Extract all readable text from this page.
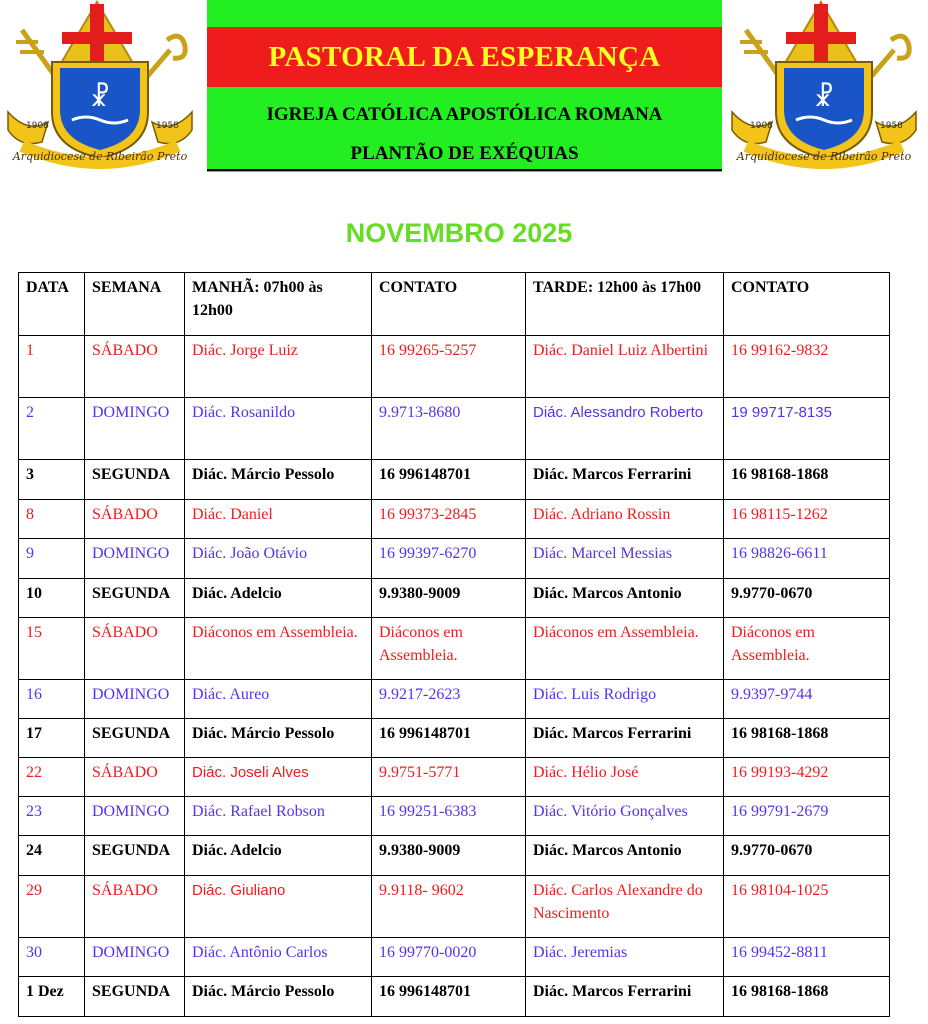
☧
1908	1958
Arquidiocese de Ribeirão Preto
PASTORAL DA ESPERANÇA
IGREJA CATÓLICA APOSTÓLICA ROMANA
PLANTÃO DE EXÉQUIAS
☧
1908	1958
Arquidiocese de Ribeirão Preto
NOVEMBRO 2025
DATA	SEMANA	MANHÃ: 07h00 às 12h00	CONTATO	TARDE: 12h00 às 17h00	CONTATO
1	SÁBADO	Diác. Jorge Luiz	16 99265-5257	Diác. Daniel Luiz Albertini	16 99162-9832
2	DOMINGO	Diác. Rosanildo	9.9713-8680	Diác. Alessandro Roberto	19 99717-8135
3	SEGUNDA	Diác. Márcio Pessolo	16 996148701	Diác. Marcos Ferrarini	16 98168-1868
8	SÁBADO	Diác. Daniel	16 99373-2845	Diác. Adriano Rossin	16 98115-1262
9	DOMINGO	Diác. João Otávio	16 99397-6270	Diác. Marcel Messias	16 98826-6611
10	SEGUNDA	Diác. Adelcio	9.9380-9009	Diác. Marcos Antonio	9.9770-0670
15	SÁBADO	Diáconos em Assembleia.	Diáconos em Assembleia.	Diáconos em Assembleia.	Diáconos em Assembleia.
16	DOMINGO	Diác. Aureo	9.9217-2623	Diác. Luis Rodrigo	9.9397-9744
17	SEGUNDA	Diác. Márcio Pessolo	16 996148701	Diác. Marcos Ferrarini	16 98168-1868
22	SÁBADO	Diác. Joseli Alves	9.9751-5771	Diác. Hélio José	16 99193-4292
23	DOMINGO	Diác. Rafael Robson	16 99251-6383	Diác. Vitório Gonçalves	16 99791-2679
24	SEGUNDA	Diác. Adelcio	9.9380-9009	Diác. Marcos Antonio	9.9770-0670
29	SÁBADO	Diác. Giuliano	9.9118- 9602	Diác. Carlos Alexandre do Nascimento	16 98104-1025
30	DOMINGO	Diác. Antônio Carlos	16 99770-0020	Diác. Jeremias	16 99452-8811
1 Dez	SEGUNDA	Diác. Márcio Pessolo	16 996148701	Diác. Marcos Ferrarini	16 98168-1868
